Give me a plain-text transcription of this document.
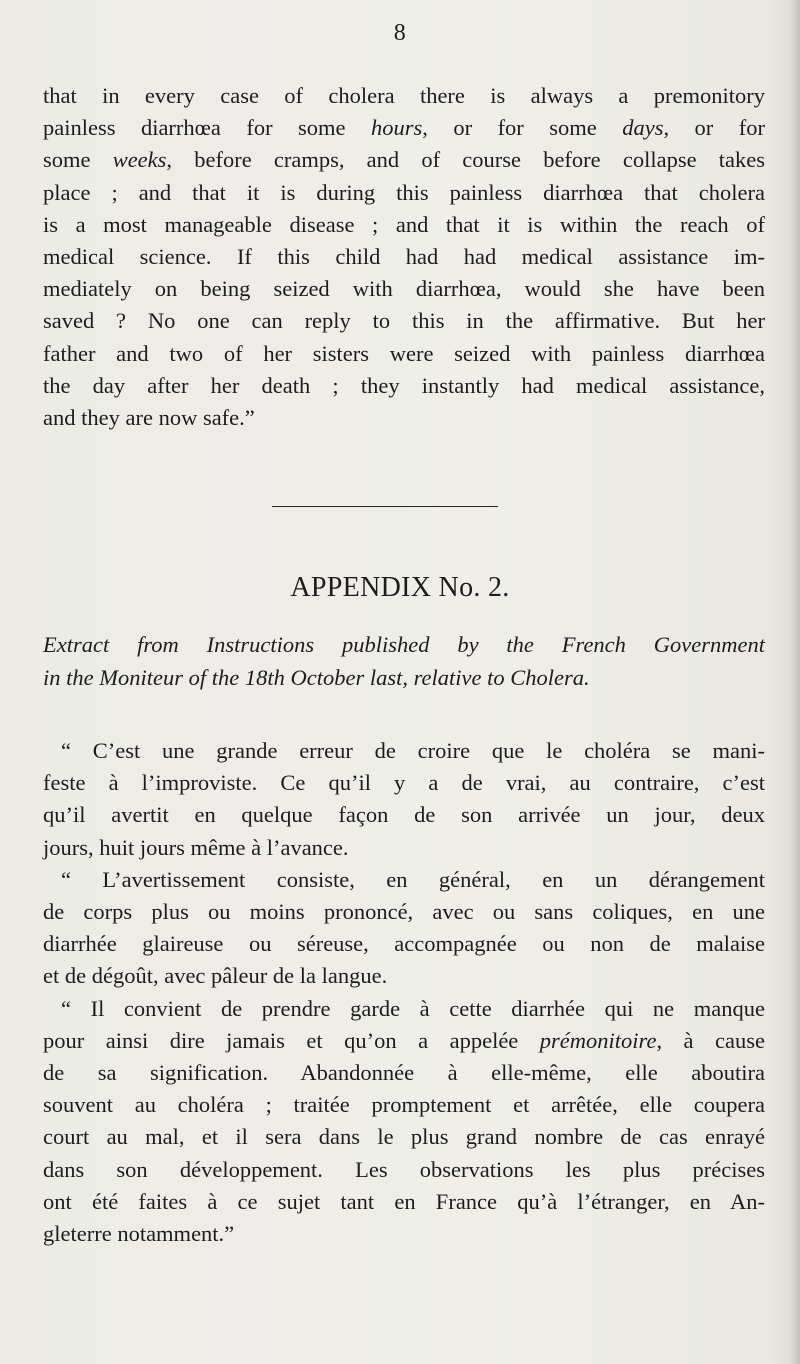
8
that in every case of cholera there is always a premonitory
painless diarrhœa for some hours, or for some days, or for
some weeks, before cramps, and of course before collapse takes
place ; and that it is during this painless diarrhœa that cholera
is a most manageable disease ; and that it is within the reach of
medical science. If this child had had medical assistance im-
mediately on being seized with diarrhœa, would she have been
saved ? No one can reply to this in the affirmative. But her
father and two of her sisters were seized with painless diarrhœa
the day after her death ; they instantly had medical assistance,
and they are now safe.”
APPENDIX No. 2.
Extract from Instructions published by the French Government
in the Moniteur of the 18th October last, relative to Cholera.
“ C’est une grande erreur de croire que le choléra se mani-
feste à l’improviste. Ce qu’il y a de vrai, au contraire, c’est
qu’il avertit en quelque façon de son arrivée un jour, deux
jours, huit jours même à l’avance.
“ L’avertissement consiste, en général, en un dérangement
de corps plus ou moins prononcé, avec ou sans coliques, en une
diarrhée glaireuse ou séreuse, accompagnée ou non de malaise
et de dégoût, avec pâleur de la langue.
“ Il convient de prendre garde à cette diarrhée qui ne manque
pour ainsi dire jamais et qu’on a appelée prémonitoire, à cause
de sa signification. Abandonnée à elle-même, elle aboutira
souvent au choléra ; traitée promptement et arrêtée, elle coupera
court au mal, et il sera dans le plus grand nombre de cas enrayé
dans son développement. Les observations les plus précises
ont été faites à ce sujet tant en France qu’à l’étranger, en An-
gleterre notamment.”
